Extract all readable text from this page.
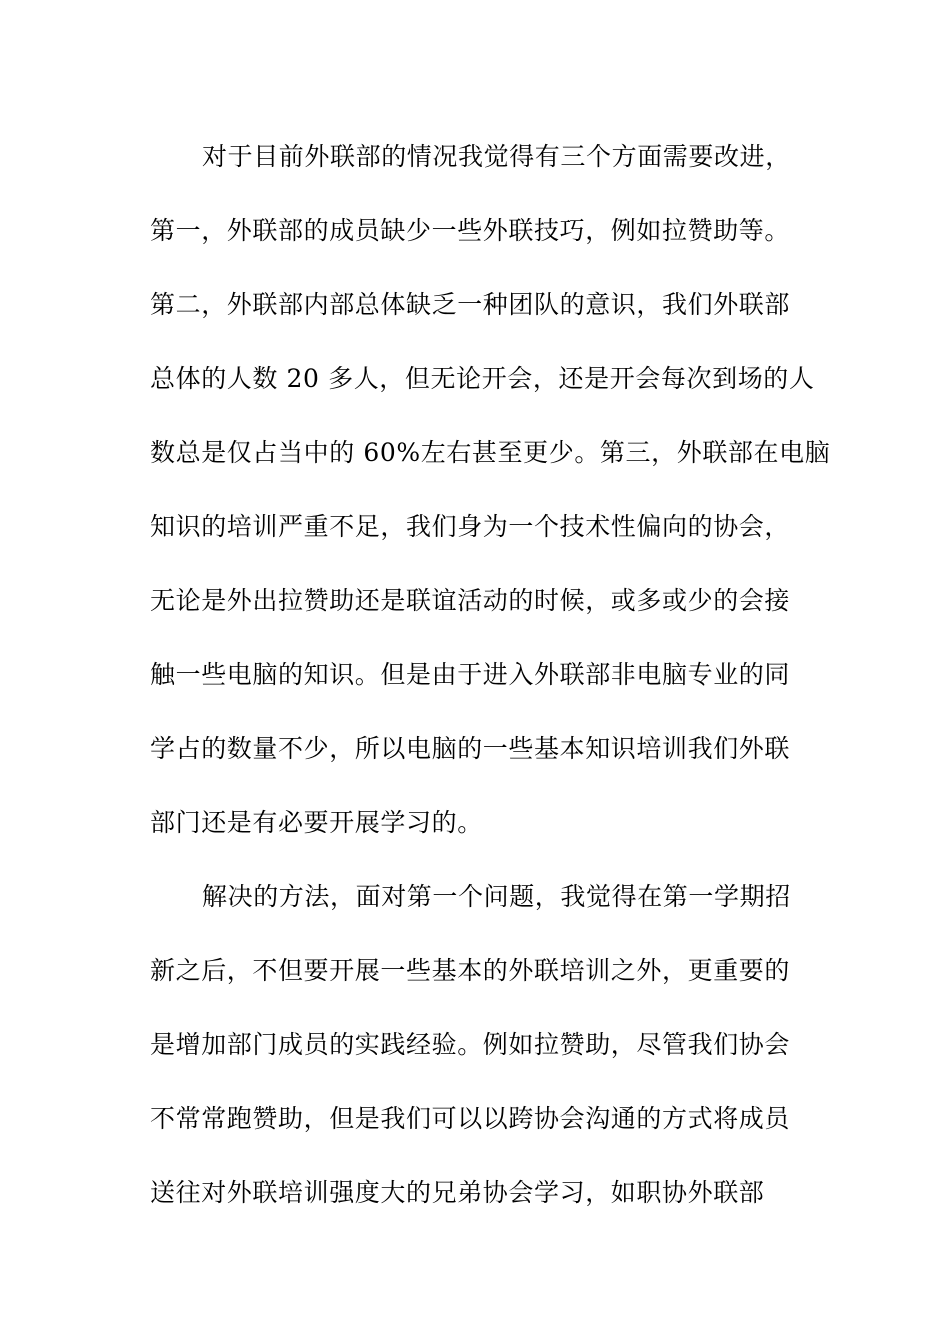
对于目前外联部的情况我觉得有三个方面需要改进，
第一，外联部的成员缺少一些外联技巧，例如拉赞助等。
第二，外联部内部总体缺乏一种团队的意识，我们外联部
总体的人数 20 多人，但无论开会，还是开会每次到场的人
数总是仅占当中的 60%左右甚至更少。第三，外联部在电脑
知识的培训严重不足，我们身为一个技术性偏向的协会，
无论是外出拉赞助还是联谊活动的时候，或多或少的会接
触一些电脑的知识。但是由于进入外联部非电脑专业的同
学占的数量不少，所以电脑的一些基本知识培训我们外联
部门还是有必要开展学习的。
解决的方法，面对第一个问题，我觉得在第一学期招
新之后，不但要开展一些基本的外联培训之外，更重要的
是增加部门成员的实践经验。例如拉赞助，尽管我们协会
不常常跑赞助，但是我们可以以跨协会沟通的方式将成员
送往对外联培训强度大的兄弟协会学习，如职协外联部
